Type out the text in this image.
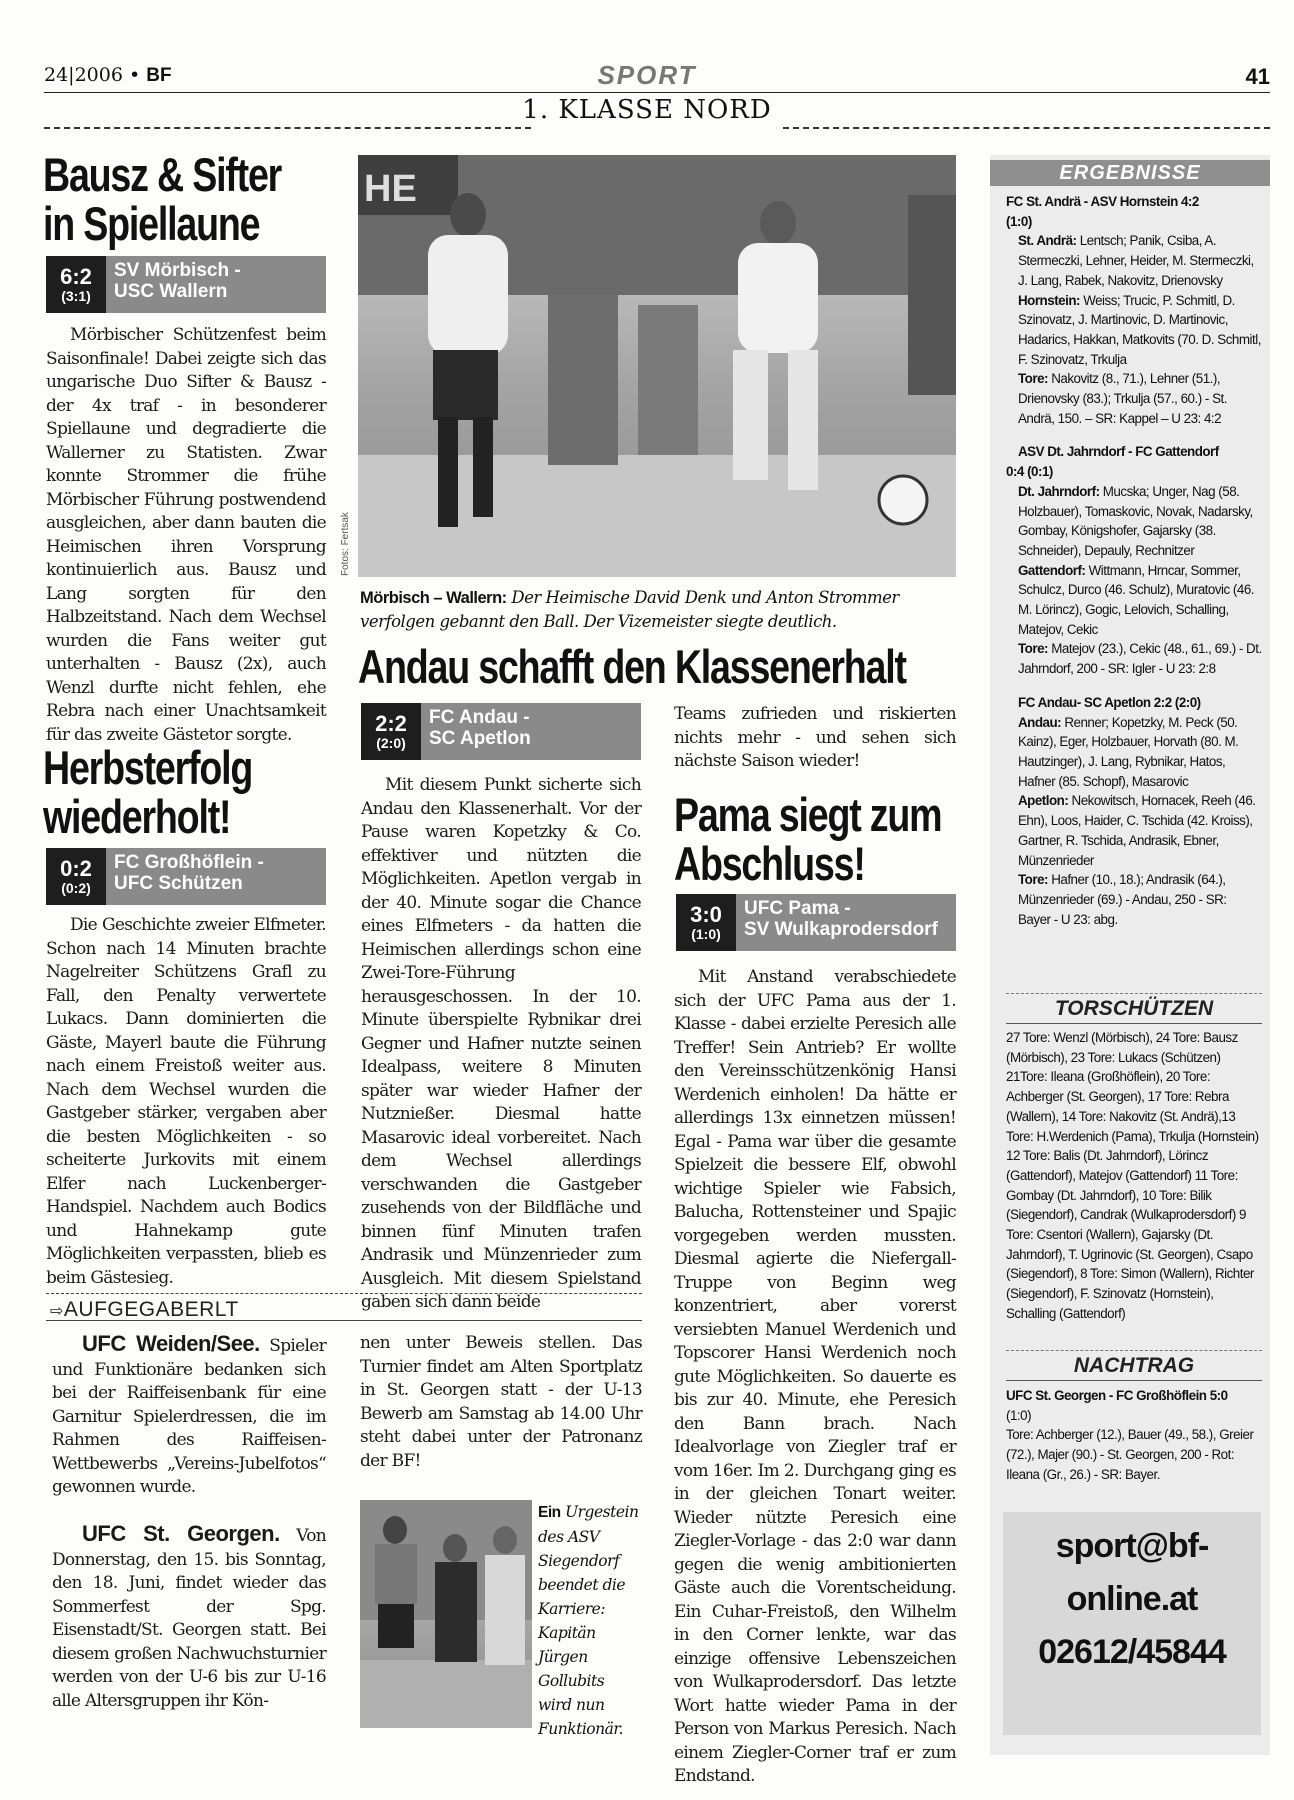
24|2006 • BF	SPORT	41
1. KLASSE NORD
Bausz & Sifter
in Spiellaune
6:2
(3:1)
SV Mörbisch -
USC Wallern

Mörbischer Schützenfest beim Saisonfinale! Dabei zeigte sich das ungarische Duo Sifter & Bausz - der 4x traf - in besonderer Spiellaune und degradierte die Wallerner zu Statisten. Zwar konnte Strommer die frühe Mörbischer Führung postwendend ausgleichen, aber dann bauten die Heimischen ihren Vorsprung kontinuierlich aus. Bausz und Lang sorgten für den Halbzeitstand. Nach dem Wechsel wurden die Fans weiter gut unterhalten - Bausz (2x), auch Wenzl durfte nicht fehlen, ehe Rebra nach einer Unachtsamkeit für das zweite Gästetor sorgte.

Herbsterfolg
wiederholt!
0:2
(0:2)
FC Großhöflein -
UFC Schützen

Die Geschichte zweier Elfmeter. Schon nach 14 Minuten brachte Nagelreiter Schützens Grafl zu Fall, den Penalty verwertete Lukacs. Dann dominierten die Gäste, Mayerl baute die Führung nach einem Freistoß weiter aus. Nach dem Wechsel wurden die Gastgeber stärker, vergaben aber die besten Möglichkeiten - so scheiterte Jurkovits mit einem Elfer nach Luckenberger-Handspiel. Nachdem auch Bodics und Hahnekamp gute Möglichkeiten verpassten, blieb es beim Gästesieg.

HE
Fotos: Fertsak
Mörbisch – Wallern: Der Heimische David Denk und Anton Strommer verfolgen gebannt den Ball. Der Vizemeister siegte deutlich.
Andau schafft den Klassenerhalt
2:2
(2:0)
FC Andau -
SC Apetlon

Mit diesem Punkt sicherte sich Andau den Klassenerhalt. Vor der Pause waren Kopetzky & Co. effektiver und nützten die Möglichkeiten. Apetlon vergab in der 40. Minute sogar die Chance eines Elfmeters - da hatten die Heimischen allerdings schon eine Zwei-Tore-Führung herausgeschossen. In der 10. Minute überspielte Rybnikar drei Gegner und Hafner nutzte seinen Idealpass, weitere 8 Minuten später war wieder Hafner der Nutznießer. Diesmal hatte Masarovic ideal vorbereitet. Nach dem Wechsel allerdings verschwanden die Gastgeber zusehends von der Bildfläche und binnen fünf Minuten trafen Andrasik und Münzenrieder zum Ausgleich. Mit diesem Spielstand gaben sich dann beide

Teams zufrieden und riskierten nichts mehr - und sehen sich nächste Saison wieder!
Pama siegt zum
Abschluss!
3:0
(1:0)
UFC Pama -
SV Wulkaprodersdorf

Mit Anstand verabschiedete sich der UFC Pama aus der 1. Klasse - dabei erzielte Peresich alle Treffer! Sein Antrieb? Er wollte den Vereinsschützenkönig Hansi Werdenich einholen! Da hätte er allerdings 13x einnetzen müssen! Egal - Pama war über die gesamte Spielzeit die bessere Elf, obwohl wichtige Spieler wie Fabsich, Balucha, Rottensteiner und Spajic vorgegeben werden mussten. Diesmal agierte die Niefergall-Truppe von Beginn weg konzentriert, aber vorerst versiebten Manuel Werdenich und Topscorer Hansi Werdenich noch gute Möglichkeiten. So dauerte es bis zur 40. Minute, ehe Peresich den Bann brach. Nach Idealvorlage von Ziegler traf er vom 16er. Im 2. Durchgang ging es in der gleichen Tonart weiter. Wieder nützte Peresich eine Ziegler-Vorlage - das 2:0 war dann gegen die wenig ambitionierten Gäste auch die Vorentscheidung. Ein Cuhar-Freistoß, den Wilhelm in den Corner lenkte, war das einzige offensive Lebenszeichen von Wulkaprodersdorf. Das letzte Wort hatte wieder Pama in der Person von Markus Peresich. Nach einem Ziegler-Corner traf er zum Endstand.

⇨AUFGEGABERLT

UFC Weiden/See. Spieler und Funktionäre bedanken sich bei der Raiffeisenbank für eine Garnitur Spielerdressen, die im Rahmen des Raiffeisen-Wettbewerbs „Vereins-Jubelfotos“ gewonnen wurde.

UFC St. Georgen. Von Donnerstag, den 15. bis Sonntag, den 18. Juni, findet wieder das Sommerfest der Spg. Eisenstadt/St. Georgen statt. Bei diesem großen Nachwuchsturnier werden von der U-6 bis zur U-16 alle Altersgruppen ihr Kön-

nen unter Beweis stellen. Das Turnier findet am Alten Sportplatz in St. Georgen statt - der U-13 Bewerb am Samstag ab 14.00 Uhr steht dabei unter der Patronanz der BF!
Ein Urgestein des ASV Siegendorf beendet die Karriere: Kapitän Jürgen Gollubits wird nun Funktionär.
ERGEBNISSE
FC St. Andrä - ASV Hornstein 4:2
(1:0)
St. Andrä: Lentsch; Panik, Csiba, A. Stermeczki, Lehner, Heider, M. Stermeczki, J. Lang, Rabek, Nakovitz, Drienovsky
Hornstein: Weiss; Trucic, P. Schmitl, D. Szinovatz, J. Martinovic, D. Martinovic, Hadarics, Hakkan, Matkovits (70. D. Schmitl, F. Szinovatz, Trkulja
Tore: Nakovitz (8., 71.), Lehner (51.), Drienovsky (83.); Trkulja (57., 60.) - St. Andrä, 150. – SR: Kappel – U 23: 4:2
ASV Dt. Jahrndorf - FC Gattendorf
0:4 (0:1)
Dt. Jahrndorf: Mucska; Unger, Nag (58. Holzbauer), Tomaskovic, Novak, Nadarsky, Gombay, Königshofer, Gajarsky (38. Schneider), Depauly, Rechnitzer
Gattendorf: Wittmann, Hrncar, Sommer, Schulcz, Durco (46. Schulz), Muratovic (46. M. Lörincz), Gogic, Lelovich, Schalling, Matejov, Cekic
Tore: Matejov (23.), Cekic (48., 61., 69.) - Dt. Jahrndorf, 200 - SR: Igler - U 23: 2:8
FC Andau- SC Apetlon 2:2 (2:0)
Andau: Renner; Kopetzky, M. Peck (50. Kainz), Eger, Holzbauer, Horvath (80. M. Hautzinger), J. Lang, Rybnikar, Hatos, Hafner (85. Schopf), Masarovic
Apetlon: Nekowitsch, Hornacek, Reeh (46. Ehn), Loos, Haider, C. Tschida (42. Kroiss), Gartner, R. Tschida, Andrasik, Ebner, Münzenrieder
Tore: Hafner (10., 18.); Andrasik (64.), Münzenrieder (69.) - Andau, 250 - SR: Bayer - U 23: abg.
TORSCHÜTZEN
27 Tore: Wenzl (Mörbisch), 24 Tore: Bausz (Mörbisch), 23 Tore: Lukacs (Schützen) 21Tore: Ileana (Großhöflein), 20 Tore: Achberger (St. Georgen), 17 Tore: Rebra (Wallern), 14 Tore: Nakovitz (St. Andrä),13 Tore: H.Werdenich (Pama), Trkulja (Hornstein) 12 Tore: Balis (Dt. Jahrndorf), Lörincz (Gattendorf), Matejov (Gattendorf) 11 Tore: Gombay (Dt. Jahrndorf), 10 Tore: Bilik (Siegendorf), Candrak (Wulkaprodersdorf) 9 Tore: Csentori (Wallern), Gajarsky (Dt. Jahrndorf), T. Ugrinovic (St. Georgen), Csapo (Siegendorf), 8 Tore: Simon (Wallern), Richter (Siegendorf), F. Szinovatz (Hornstein), Schalling (Gattendorf)
NACHTRAG
UFC St. Georgen - FC Großhöflein 5:0
(1:0)
Tore: Achberger (12.), Bauer (49., 58.), Greier (72.), Majer (90.) - St. Georgen, 200 - Rot: Ileana (Gr., 26.) - SR: Bayer.
sport@bf-
online.at
02612/45844
